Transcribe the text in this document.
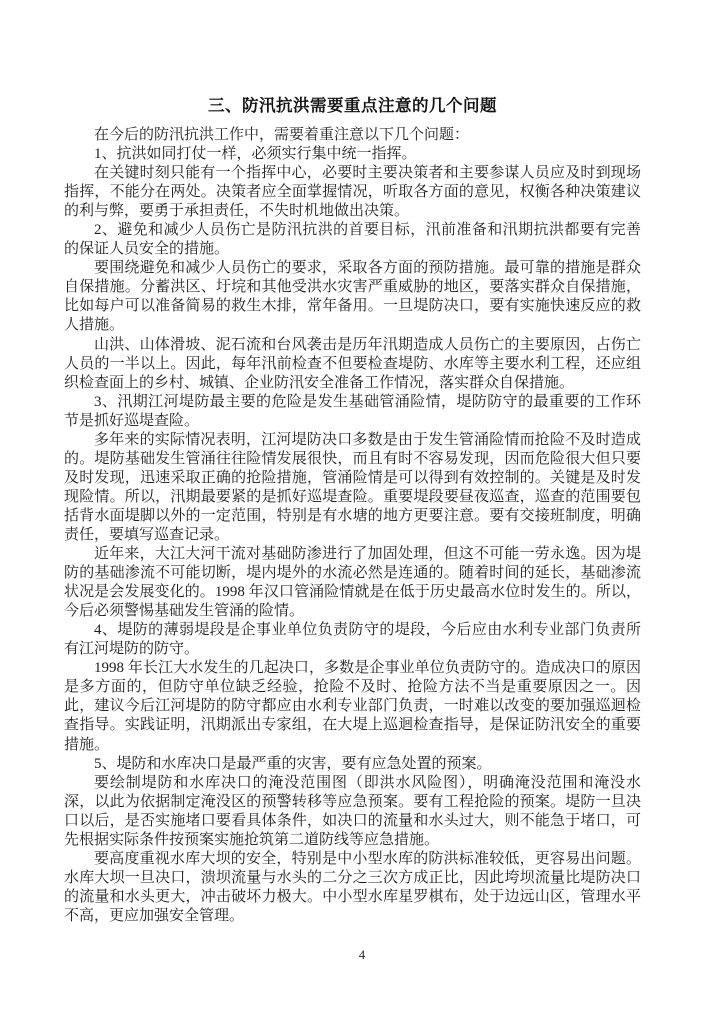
三、防汛抗洪需要重点注意的几个问题

在今后的防汛抗洪工作中，需要着重注意以下几个问题：

1、抗洪如同打仗一样，必须实行集中统一指挥。

在关键时刻只能有一个指挥中心，必要时主要决策者和主要参谋人员应及时到现场指挥，不能分在两处。决策者应全面掌握情况，听取各方面的意见，权衡各种决策建议的利与弊，要勇于承担责任，不失时机地做出决策。

2、避免和减少人员伤亡是防汛抗洪的首要目标，汛前准备和汛期抗洪都要有完善的保证人员安全的措施。

要围绕避免和减少人员伤亡的要求，采取各方面的预防措施。最可靠的措施是群众自保措施。分蓄洪区、圩垸和其他受洪水灾害严重威胁的地区，要落实群众自保措施，比如每户可以准备简易的救生木排，常年备用。一旦堤防决口，要有实施快速反应的救人措施。

山洪、山体滑坡、泥石流和台风袭击是历年汛期造成人员伤亡的主要原因，占伤亡人员的一半以上。因此，每年汛前检查不但要检查堤防、水库等主要水利工程，还应组织检查面上的乡村、城镇、企业防汛安全准备工作情况，落实群众自保措施。

3、汛期江河堤防最主要的危险是发生基础管涌险情，堤防防守的最重要的工作环节是抓好巡堤查险。

多年来的实际情况表明，江河堤防决口多数是由于发生管涌险情而抢险不及时造成的。堤防基础发生管涌往往险情发展很快，而且有时不容易发现，因而危险很大但只要及时发现，迅速采取正确的抢险措施，管涌险情是可以得到有效控制的。关键是及时发现险情。所以，汛期最要紧的是抓好巡堤查险。重要堤段要昼夜巡查，巡查的范围要包括背水面堤脚以外的一定范围，特别是有水塘的地方更要注意。要有交接班制度，明确责任，要填写巡查记录。

近年来，大江大河干流对基础防渗进行了加固处理，但这不可能一劳永逸。因为堤防的基础渗流不可能切断，堤内堤外的水流必然是连通的。随着时间的延长，基础渗流状况是会发展变化的。1998 年汉口管涌险情就是在低于历史最高水位时发生的。所以，今后必须警惕基础发生管涌的险情。

4、堤防的薄弱堤段是企事业单位负责防守的堤段，今后应由水利专业部门负责所有江河堤防的防守。

1998 年长江大水发生的几起决口，多数是企事业单位负责防守的。造成决口的原因是多方面的，但防守单位缺乏经验，抢险不及时、抢险方法不当是重要原因之一。因此，建议今后江河堤防的防守都应由水利专业部门负责，一时难以改变的要加强巡迴检查指导。实践证明，汛期派出专家组，在大堤上巡迴检查指导，是保证防汛安全的重要措施。

5、堤防和水库决口是最严重的灾害，要有应急处置的预案。

要绘制堤防和水库决口的淹没范围图（即洪水风险图），明确淹没范围和淹没水深，以此为依据制定淹没区的预警转移等应急预案。要有工程抢险的预案。堤防一旦决口以后，是否实施堵口要看具体条件，如决口的流量和水头过大，则不能急于堵口，可先根据实际条件按预案实施抢筑第二道防线等应急措施。

要高度重视水库大坝的安全，特别是中小型水库的防洪标准较低，更容易出问题。水库大坝一旦决口，溃坝流量与水头的二分之三次方成正比，因此垮坝流量比堤防决口的流量和水头更大，冲击破坏力极大。中小型水库星罗棋布，处于边远山区，管理水平不高，更应加强安全管理。

4
